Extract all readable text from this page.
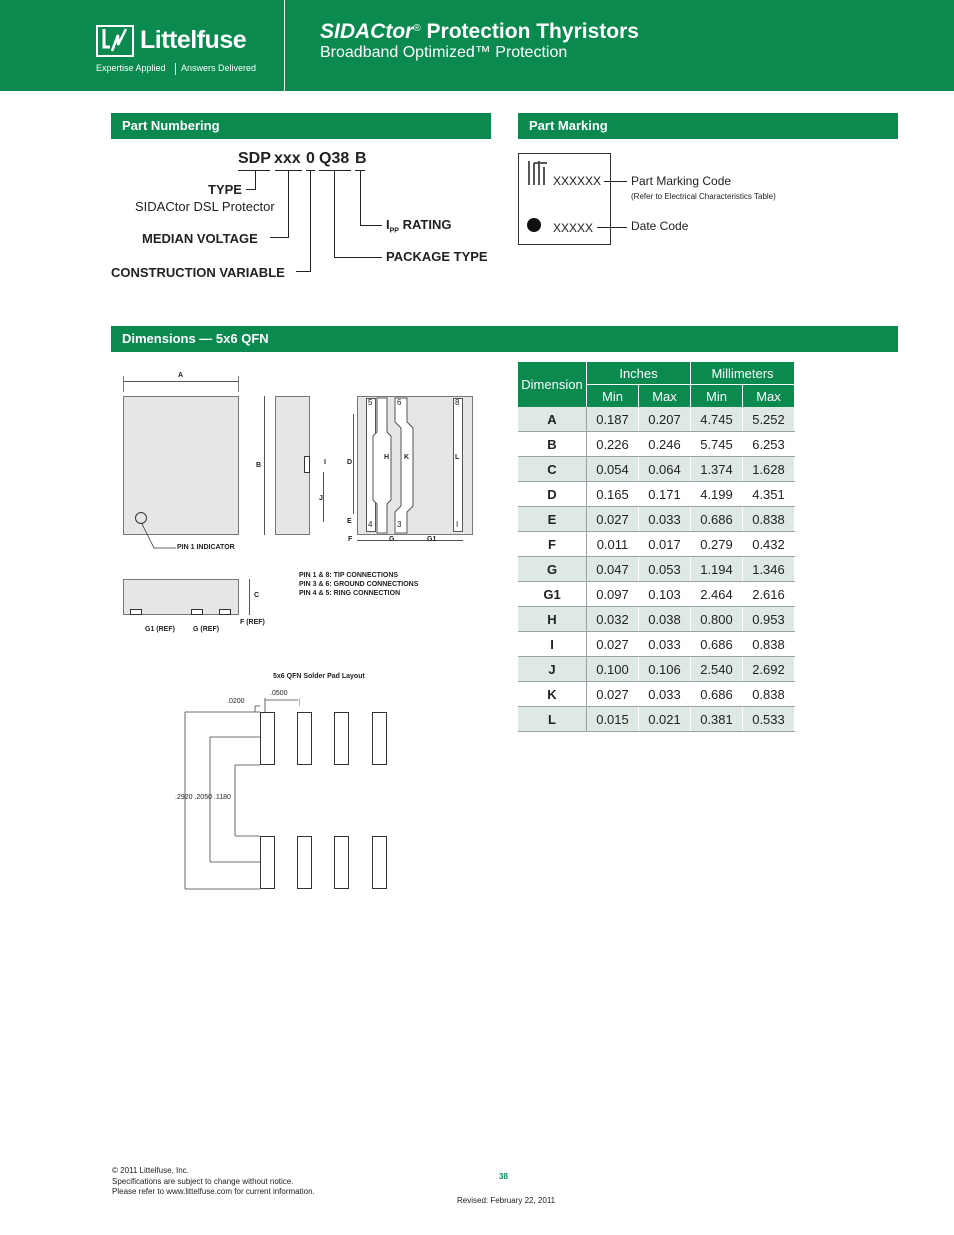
Littelfuse
Expertise Applied Answers Delivered
SIDACtor® Protection Thyristors
Broadband Optimized™ Protection
Part Numbering
SDP xxx 0 Q38 B
TYPE
SIDACtor DSL Protector
MEDIAN VOLTAGE
CONSTRUCTION VARIABLE
$I_{PP}$ RATING
PACKAGE TYPE
Part Marking
XXXXXX
XXXXX
Part Marking Code
(Refer to Electrical Characteristics Table)
Date Code
Dimensions — 5x6 QFN
A
B
PIN 1 INDICATOR
I
J
5	6	8
4	3	I
H K	L
D
E
F	G	G1
PIN 1 & 8: TIP CONNECTIONS
PIN 3 & 6: GROUND CONNECTIONS
PIN 4 & 5: RING CONNECTION
C
G1 (REF)	G (REF)
F (REF)
5x6 QFN Solder Pad Layout
.0500
.0200
.2920 .2050 .1180
Dimension	Inches		Millimeters	
	Min	Max	Min	Max
A	0.187	0.207	4.745	5.252
B	0.226	0.246	5.745	6.253
C	0.054	0.064	1.374	1.628
D	0.165	0.171	4.199	4.351
E	0.027	0.033	0.686	0.838
F	0.011	0.017	0.279	0.432
G	0.047	0.053	1.194	1.346
G1	0.097	0.103	2.464	2.616
H	0.032	0.038	0.800	0.953
I	0.027	0.033	0.686	0.838
J	0.100	0.106	2.540	2.692
K	0.027	0.033	0.686	0.838
L	0.015	0.021	0.381	0.533
© 2011 Littelfuse, Inc.
Specifications are subject to change without notice.
Please refer to www.littelfuse.com for current information.
38
Revised: February 22, 2011
